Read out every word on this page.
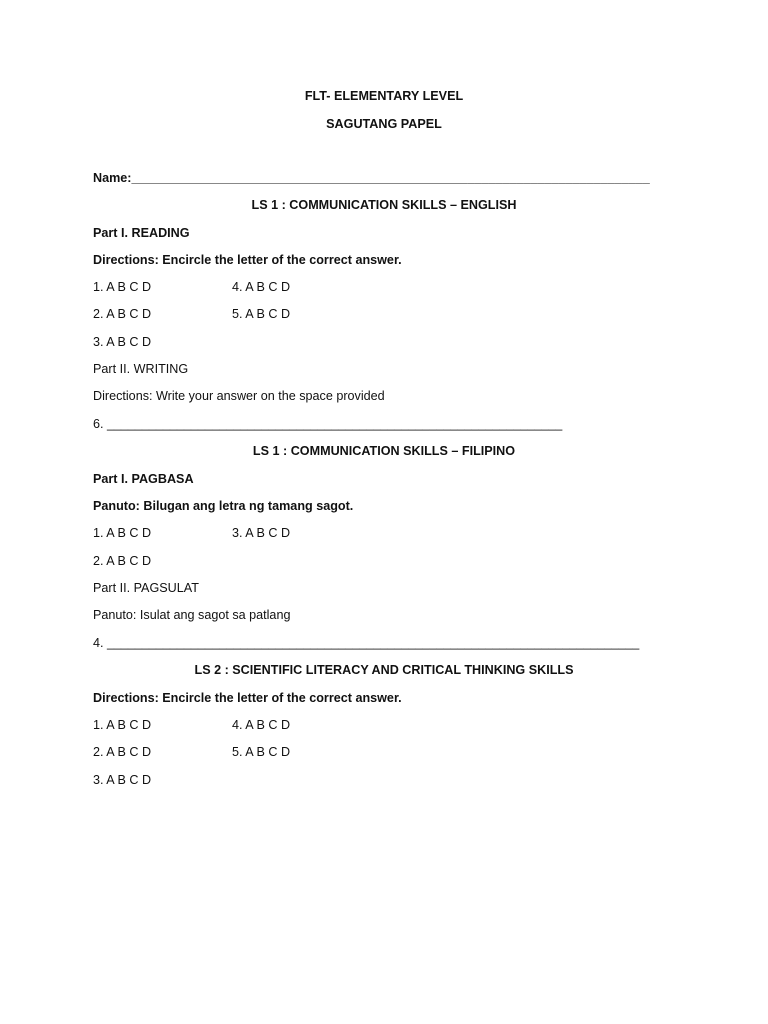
FLT- ELEMENTARY LEVEL
SAGUTANG PAPEL
Name:__________________________________________________________________________
LS 1 : COMMUNICATION SKILLS – ENGLISH
Part I. READING
Directions: Encircle the letter of the correct answer.
1. A B C D	4. A B C D
2. A B C D	5. A B C D
3. A B C D
Part II. WRITING
Directions: Write your answer on the space provided
6. _________________________________________________________________
LS 1 : COMMUNICATION SKILLS – FILIPINO
Part I. PAGBASA
Panuto: Bilugan ang letra ng tamang sagot.
1. A B C D	3. A B C D
2. A B C D
Part II. PAGSULAT
Panuto: Isulat ang sagot sa patlang
4. ____________________________________________________________________________
LS 2 : SCIENTIFIC LITERACY AND CRITICAL THINKING SKILLS
Directions: Encircle the letter of the correct answer.
1. A B C D	4. A B C D
2. A B C D	5. A B C D
3. A B C D
